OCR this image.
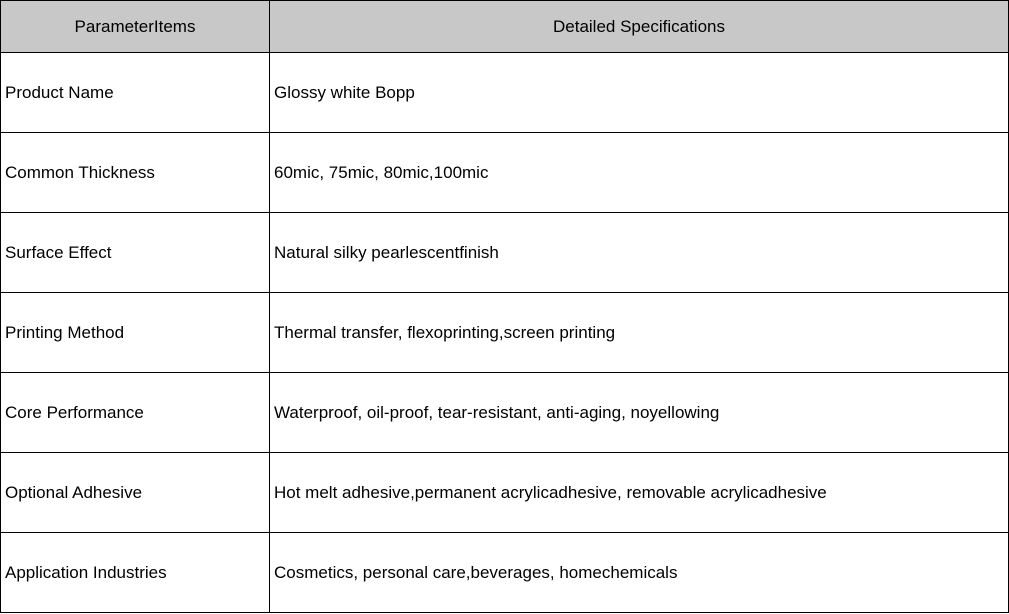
ParameterItems	Detailed Specifications
Product Name	Glossy white Bopp
Common Thickness	60mic, 75mic, 80mic,100mic
Surface Effect	Natural silky pearlescentfinish
Printing Method	Thermal transfer, flexoprinting,screen printing
Core Performance	Waterproof, oil-proof, tear-resistant, anti-aging, noyellowing
Optional Adhesive	Hot melt adhesive,permanent acrylicadhesive, removable acrylicadhesive
Application Industries	Cosmetics, personal care,beverages, homechemicals
